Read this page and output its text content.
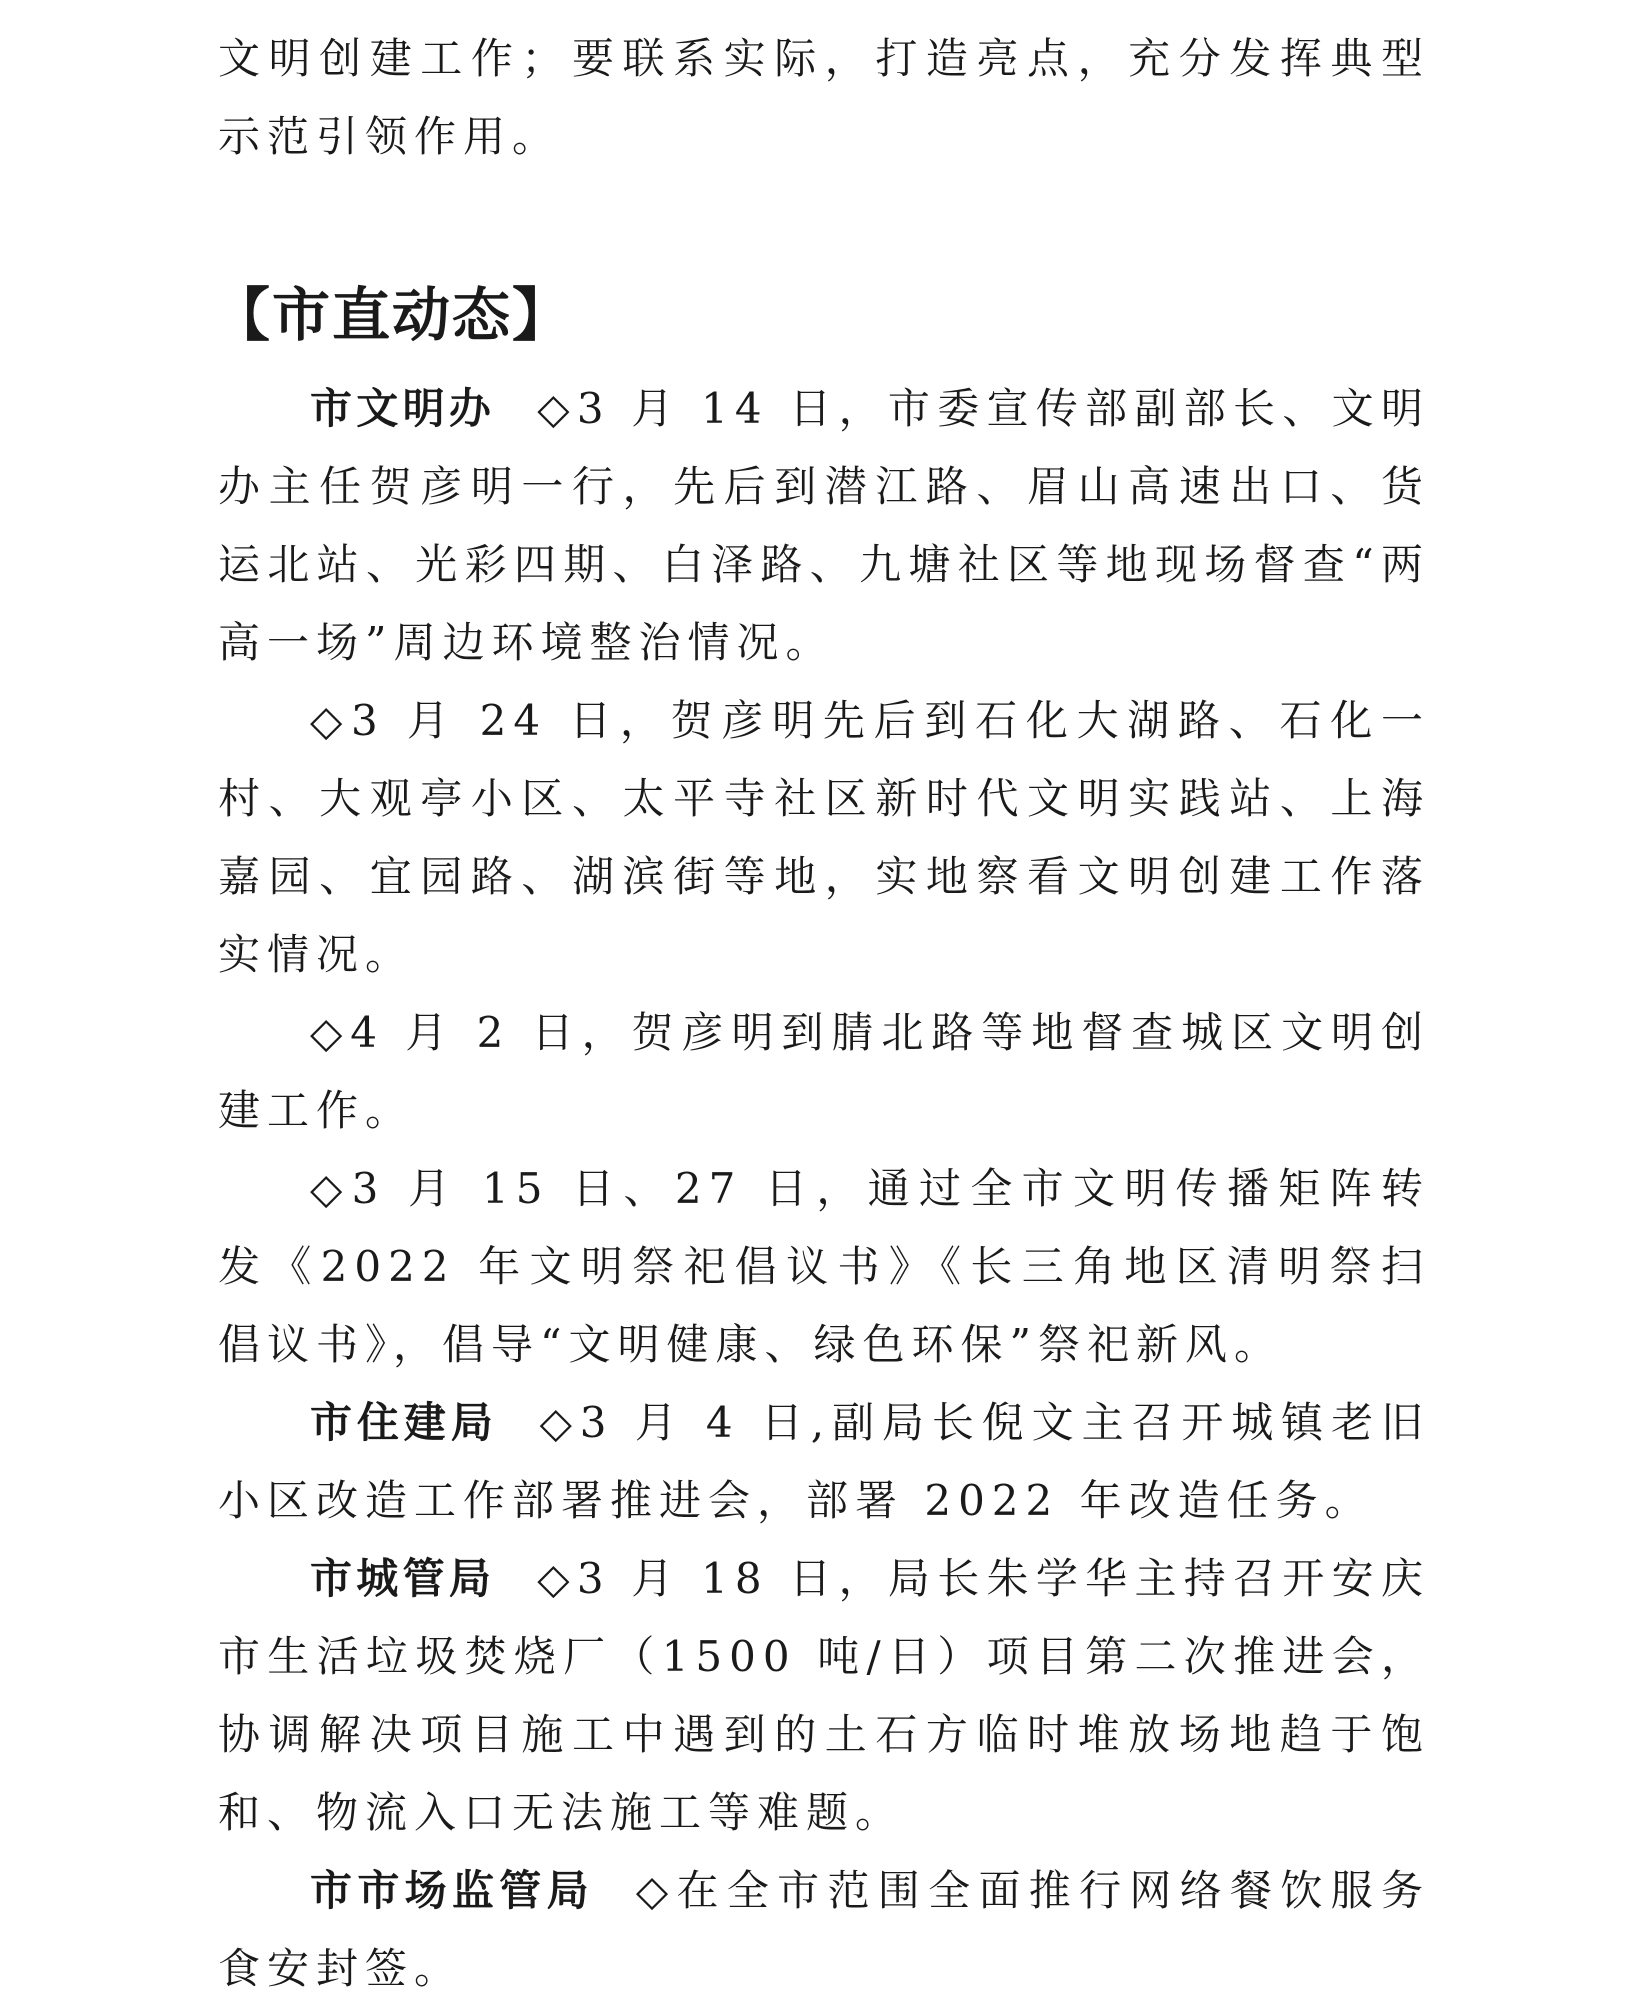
文明创建工作；要联系实际，打造亮点，充分发挥典型示范引领作用。

【市直动态】

市文明办 ◇3 月 14 日，市委宣传部副部长、文明办主任贺彦明一行，先后到潜江路、眉山高速出口、货运北站、光彩四期、白泽路、九塘社区等地现场督查“两高一场”周边环境整治情况。

◇3 月 24 日，贺彦明先后到石化大湖路、石化一村、大观亭小区、太平寺社区新时代文明实践站、上海嘉园、宜园路、湖滨街等地，实地察看文明创建工作落实情况。

◇4 月 2 日，贺彦明到腈北路等地督查城区文明创建工作。

◇3 月 15 日、27 日，通过全市文明传播矩阵转发《2022 年文明祭祀倡议书》《长三角地区清明祭扫倡议书》，倡导“文明健康、绿色环保”祭祀新风。

市住建局 ◇3 月 4 日,副局长倪文主召开城镇老旧小区改造工作部署推进会，部署 2022 年改造任务。

市城管局 ◇3 月 18 日，局长朱学华主持召开安庆市生活垃圾焚烧厂（1500 吨/日）项目第二次推进会，协调解决项目施工中遇到的土石方临时堆放场地趋于饱和、物流入口无法施工等难题。

市市场监管局 ◇在全市范围全面推行网络餐饮服务食安封签。
